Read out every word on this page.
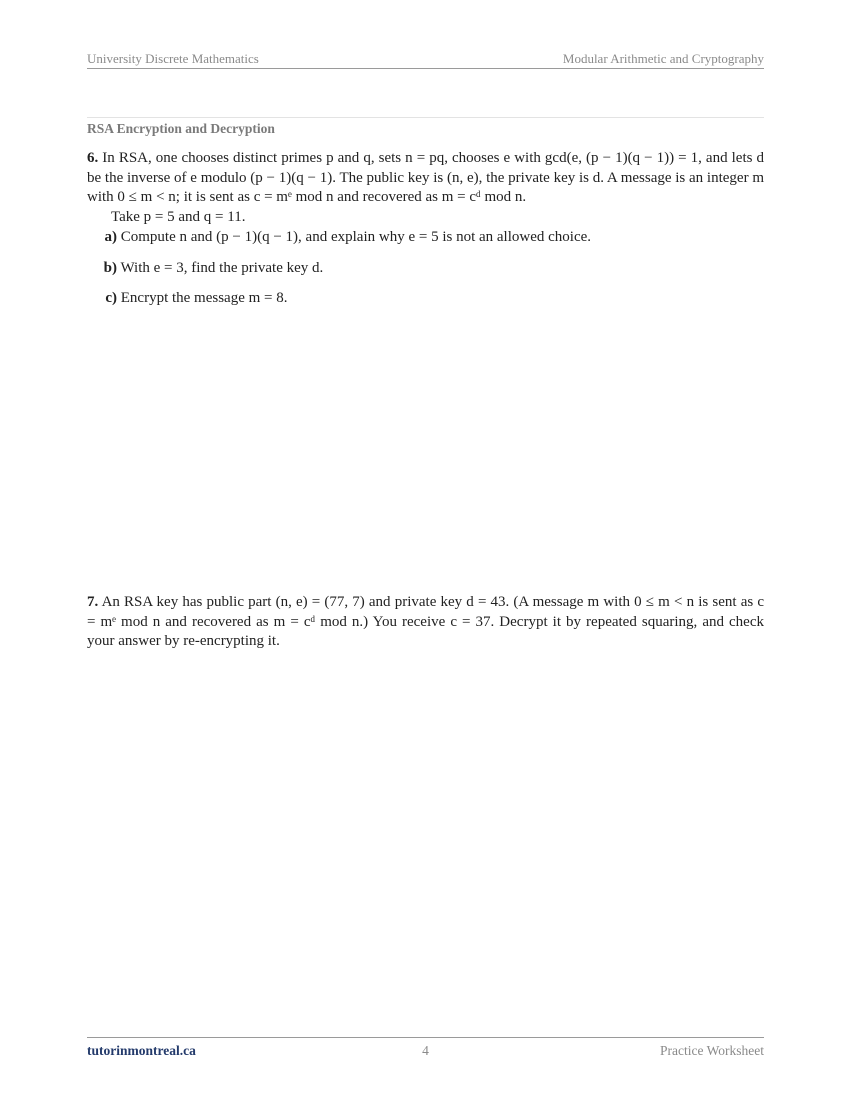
University Discrete Mathematics	Modular Arithmetic and Cryptography
RSA Encryption and Decryption
6. In RSA, one chooses distinct primes p and q, sets n = pq, chooses e with gcd(e, (p − 1)(q − 1)) = 1, and lets d be the inverse of e modulo (p − 1)(q − 1). The public key is (n, e), the private key is d. A message is an integer m with 0 ≤ m < n; it is sent as c = mᵉ mod n and recovered as m = cᵈ mod n.
Take p = 5 and q = 11.
a) Compute n and (p − 1)(q − 1), and explain why e = 5 is not an allowed choice.
b) With e = 3, find the private key d.
c) Encrypt the message m = 8.
7. An RSA key has public part (n, e) = (77, 7) and private key d = 43. (A message m with 0 ≤ m < n is sent as c = mᵉ mod n and recovered as m = cᵈ mod n.) You receive c = 37. Decrypt it by repeated squaring, and check your answer by re-encrypting it.
tutorinmontreal.ca	4	Practice Worksheet
